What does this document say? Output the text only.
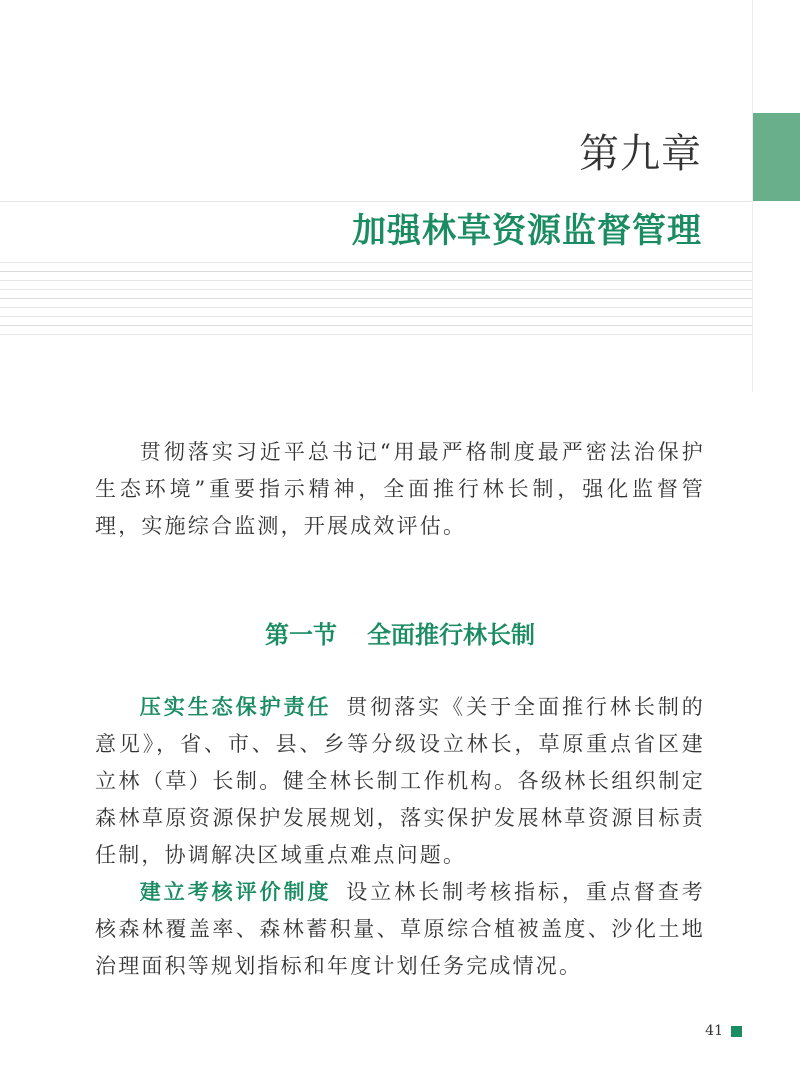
第九章
加强林草资源监督管理

贯彻落实习近平总书记“用最严格制度最严密法治保护生态环境”重要指示精神，全面推行林长制，强化监督管理，实施综合监测，开展成效评估。

第一节 全面推行林长制

压实生态保护责任 贯彻落实《关于全面推行林长制的意见》，省、市、县、乡等分级设立林长，草原重点省区建立林（草）长制。健全林长制工作机构。各级林长组织制定森林草原资源保护发展规划，落实保护发展林草资源目标责任制，协调解决区域重点难点问题。

建立考核评价制度 设立林长制考核指标，重点督查考核森林覆盖率、森林蓄积量、草原综合植被盖度、沙化土地治理面积等规划指标和年度计划任务完成情况。

41
